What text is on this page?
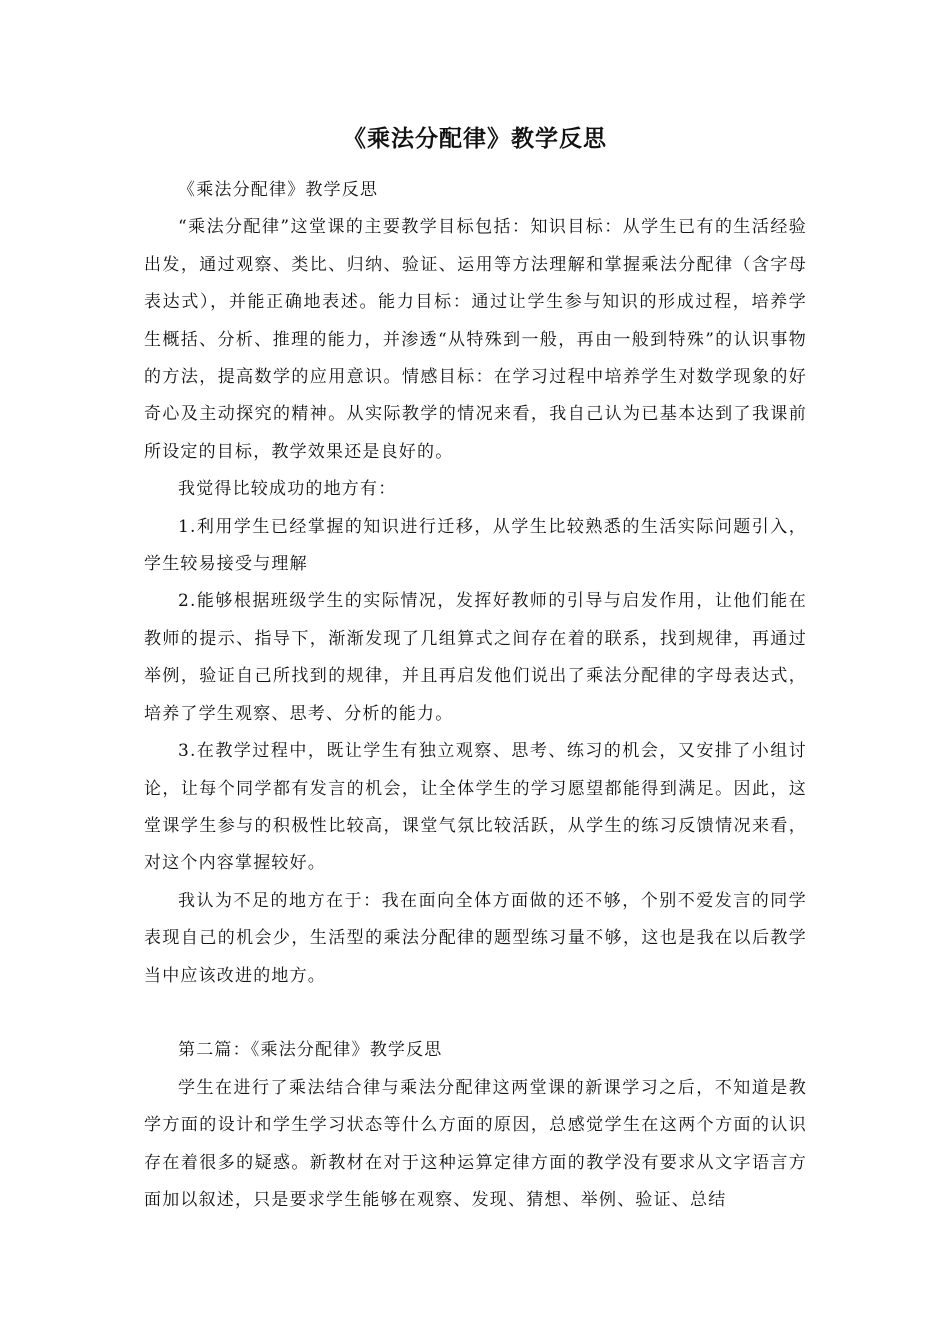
《乘法分配律》教学反思

《乘法分配律》教学反思

“乘法分配律”这堂课的主要教学目标包括：知识目标：从学生已有的生活经验出发，通过观察、类比、归纳、验证、运用等方法理解和掌握乘法分配律（含字母表达式），并能正确地表述。能力目标：通过让学生参与知识的形成过程，培养学生概括、分析、推理的能力，并渗透“从特殊到一般，再由一般到特殊”的认识事物的方法，提高数学的应用意识。情感目标：在学习过程中培养学生对数学现象的好奇心及主动探究的精神。从实际教学的情况来看，我自己认为已基本达到了我课前所设定的目标，教学效果还是良好的。

我觉得比较成功的地方有：

1.利用学生已经掌握的知识进行迁移，从学生比较熟悉的生活实际问题引入，学生较易接受与理解

2.能够根据班级学生的实际情况，发挥好教师的引导与启发作用，让他们能在教师的提示、指导下，渐渐发现了几组算式之间存在着的联系，找到规律，再通过举例，验证自己所找到的规律，并且再启发他们说出了乘法分配律的字母表达式，培养了学生观察、思考、分析的能力。

3.在教学过程中，既让学生有独立观察、思考、练习的机会，又安排了小组讨论，让每个同学都有发言的机会，让全体学生的学习愿望都能得到满足。因此，这堂课学生参与的积极性比较高，课堂气氛比较活跃，从学生的练习反馈情况来看，对这个内容掌握较好。

我认为不足的地方在于：我在面向全体方面做的还不够，个别不爱发言的同学表现自己的机会少，生活型的乘法分配律的题型练习量不够，这也是我在以后教学当中应该改进的地方。

第二篇：《乘法分配律》教学反思

学生在进行了乘法结合律与乘法分配律这两堂课的新课学习之后，不知道是教学方面的设计和学生学习状态等什么方面的原因，总感觉学生在这两个方面的认识存在着很多的疑惑。新教材在对于这种运算定律方面的教学没有要求从文字语言方面加以叙述，只是要求学生能够在观察、发现、猜想、举例、验证、总结
